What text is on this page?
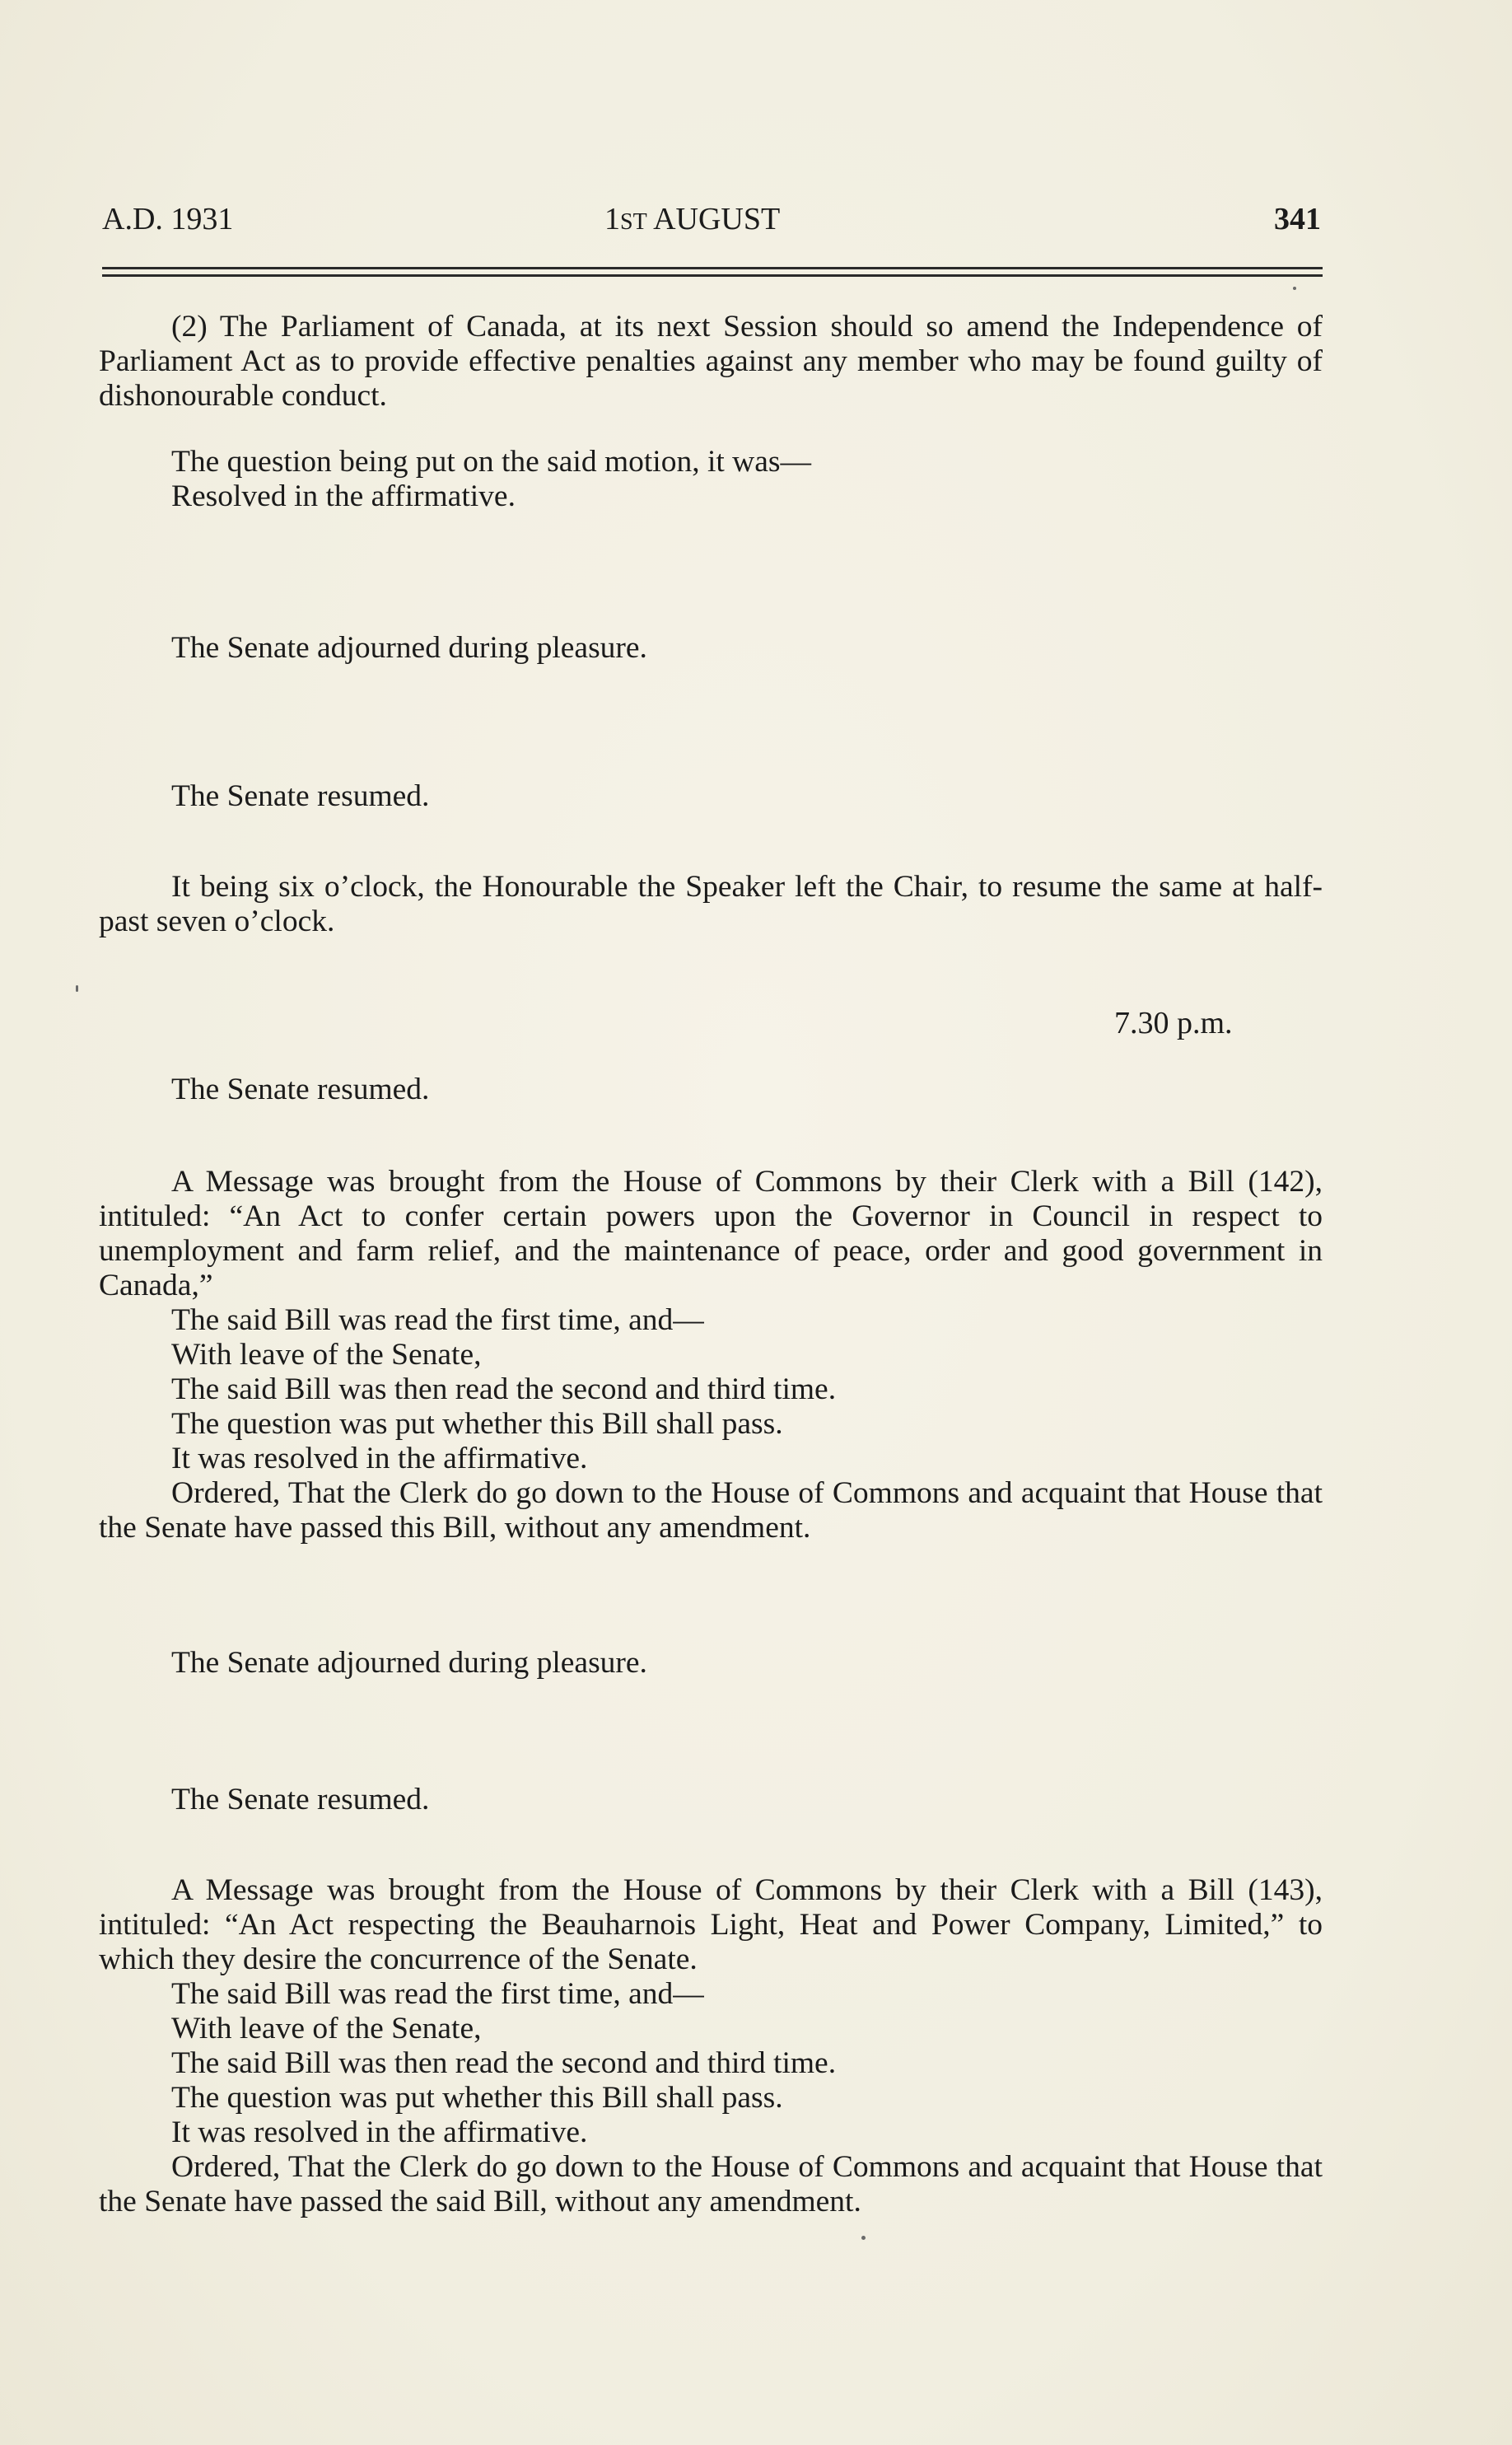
A.D. 1931	1ST AUGUST	341

(2) The Parliament of Canada, at its next Session should so amend the Independence of Parliament Act as to provide effective penalties against any member who may be found guilty of dishonourable conduct.

The question being put on the said motion, it was—
Resolved in the affirmative.
The Senate adjourned during pleasure.
The Senate resumed.

It being six o’clock, the Honourable the Speaker left the Chair, to resume the same at half-past seven o’clock.

7.30 p.m.
The Senate resumed.

A Message was brought from the House of Commons by their Clerk with a Bill (142), intituled: “An Act to confer certain powers upon the Governor in Council in respect to unemployment and farm relief, and the maintenance of peace, order and good government in Canada,”

The said Bill was read the first time, and—
With leave of the Senate,
The said Bill was then read the second and third time.
The question was put whether this Bill shall pass.
It was resolved in the affirmative.

Ordered, That the Clerk do go down to the House of Commons and acquaint that House that the Senate have passed this Bill, without any amendment.

The Senate adjourned during pleasure.
The Senate resumed.

A Message was brought from the House of Commons by their Clerk with a Bill (143), intituled: “An Act respecting the Beauharnois Light, Heat and Power Company, Limited,” to which they desire the concurrence of the Senate.

The said Bill was read the first time, and—
With leave of the Senate,
The said Bill was then read the second and third time.
The question was put whether this Bill shall pass.
It was resolved in the affirmative.

Ordered, That the Clerk do go down to the House of Commons and acquaint that House that the Senate have passed the said Bill, without any amendment.
